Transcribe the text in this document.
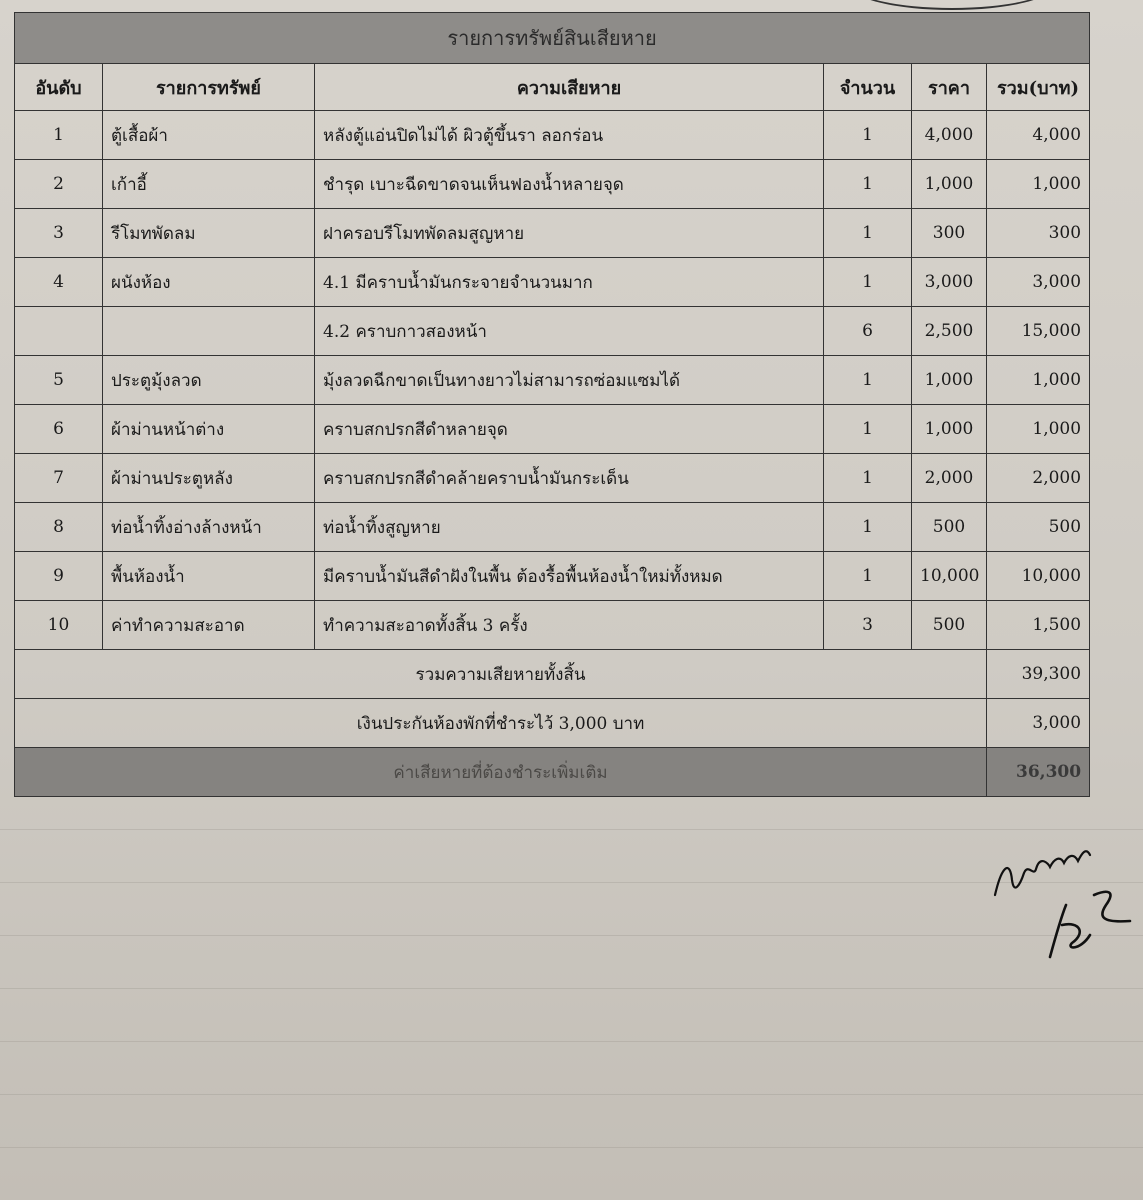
รายการทรัพย์สินเสียหาย					
อันดับ	รายการทรัพย์	ความเสียหาย	จำนวน	ราคา	รวม(บาท)
1	ตู้เสื้อผ้า	หลังตู้แอ่นปิดไม่ได้ ผิวตู้ขึ้นรา ลอกร่อน	1	4,000	4,000
2	เก้าอี้	ชำรุด เบาะฉีดขาดจนเห็นฟองน้ำหลายจุด	1	1,000	1,000
3	รีโมทพัดลม	ฝาครอบรีโมทพัดลมสูญหาย	1	300	300
4	ผนังห้อง	4.1 มีคราบน้ำมันกระจายจำนวนมาก	1	3,000	3,000
		4.2 คราบกาวสองหน้า	6	2,500	15,000
5	ประตูมุ้งลวด	มุ้งลวดฉีกขาดเป็นทางยาวไม่สามารถซ่อมแซมได้	1	1,000	1,000
6	ผ้าม่านหน้าต่าง	คราบสกปรกสีดำหลายจุด	1	1,000	1,000
7	ผ้าม่านประตูหลัง	คราบสกปรกสีดำคล้ายคราบน้ำมันกระเด็น	1	2,000	2,000
8	ท่อน้ำทิ้งอ่างล้างหน้า	ท่อน้ำทิ้งสูญหาย	1	500	500
9	พื้นห้องน้ำ	มีคราบน้ำมันสีดำฝังในพื้น ต้องรื้อพื้นห้องน้ำใหม่ทั้งหมด	1	10,000	10,000
10	ค่าทำความสะอาด	ทำความสะอาดทั้งสิ้น 3 ครั้ง	3	500	1,500
รวมความเสียหายทั้งสิ้น					39,300
เงินประกันห้องพักที่ชำระไว้ 3,000 บาท					3,000
ค่าเสียหายที่ต้องชำระเพิ่มเติม					36,300
